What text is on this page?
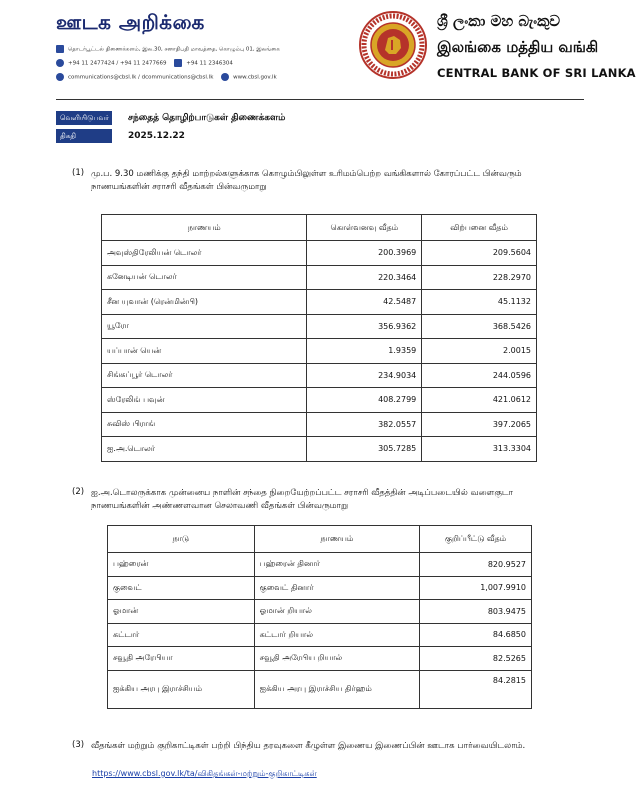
ஊடக அறிக்கை
தொடர்பூட்டல் திணைக்களம், இல.30, சனாதிபதி மாவத்தை, கொழும்பு 01, இலங்கை
+94 11 2477424 / +94 11 2477669	+94 11 2346304
communications@cbsl.lk / dcommunications@cbsl.lk	www.cbsl.gov.lk
ශ්‍රී ලංකා මහ බැංකුව
இலங்கை மத்திய வங்கி
CENTRAL BANK OF SRI LANKA
வெளியிடுபவர்	சந்தைத் தொழிற்பாடுகள் திணைக்களம்
திகதி	2025.12.22
(1) மு.ப. 9.30 மணிக்கு தந்தி மாற்றல்களுக்காக கொழும்பிலுள்ள உரிமம்பெற்ற வங்கிகளால் கோரப்பட்ட பின்வரும் நாணயங்களின் சராசரி வீதங்கள் பின்வருமாறு
நாணயம்	கொள்வனவு வீதம்	விற்பனை வீதம்
அவுஸ்திரேலியன் டொலர்	200.3969	209.5604
கனேடியன் டொலர்	220.3464	228.2970
சீன யுவான் (ரென்மின்பி)	42.5487	45.1132
யூரோ	356.9362	368.5426
யப்பான் யென்	1.9359	2.0015
சிங்கப்பூர் டொலர்	234.9034	244.0596
ஸ்ரேலிங் பவுன்	408.2799	421.0612
சுவிஸ் பிராங்	382.0557	397.2065
ஐ.அ.டொலர்	305.7285	313.3304
(2) ஐ.அ.டொலருக்காக முன்னைய நாளின் சந்தை நிறையேற்றப்பட்ட சராசரி வீதத்தின் அடிப்படையில் வளைகுடா நாணயங்களின் அண்ணளவான செலாவணி வீதங்கள் பின்வருமாறு
நாடு	நாணயம்	குறிப்பீட்டு வீதம்
பஹ்ரைன்	பஹ்ரைன் தினார்	820.9527
குவைட்	குவைட் தினார்	1,007.9910
ஓமான்	ஓமான் றியால்	803.9475
கட்டார்	கட்டார் றியால்	84.6850
சவூதி அரேபியா	சவூதி அரேபிய றியால்	82.5265
ஐக்கிய அரபு இராச்சியம்	ஐக்கிய அரபு இராச்சிய திர்ஹம்	84.2815
(3) வீதங்கள் மற்றும் குறிகாட்டிகள் பற்றி பிந்திய தரவுகளை கீழுள்ள இணைய இணைப்பின் ஊடாக பார்வையிடலாம்.
https://www.cbsl.gov.lk/ta/விகிதங்கள்-மற்றும்-குறிகாட்டிகள்
